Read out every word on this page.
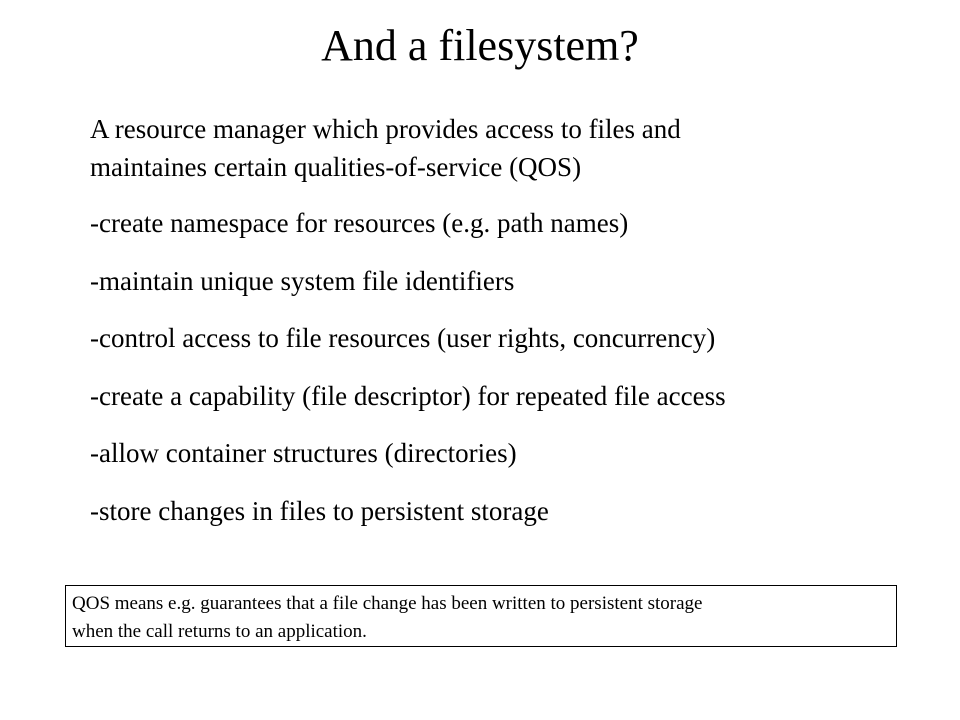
And a filesystem?

A resource manager which provides access to files and
maintaines certain qualities-of-service (QOS)

-create namespace for resources (e.g. path names)
-maintain unique system file identifiers
-control access to file resources (user rights, concurrency)
-create a capability (file descriptor) for repeated file access
-allow container structures (directories)
-store changes in files to persistent storage
QOS means e.g. guarantees that a file change has been written to persistent storage
when the call returns to an application.
